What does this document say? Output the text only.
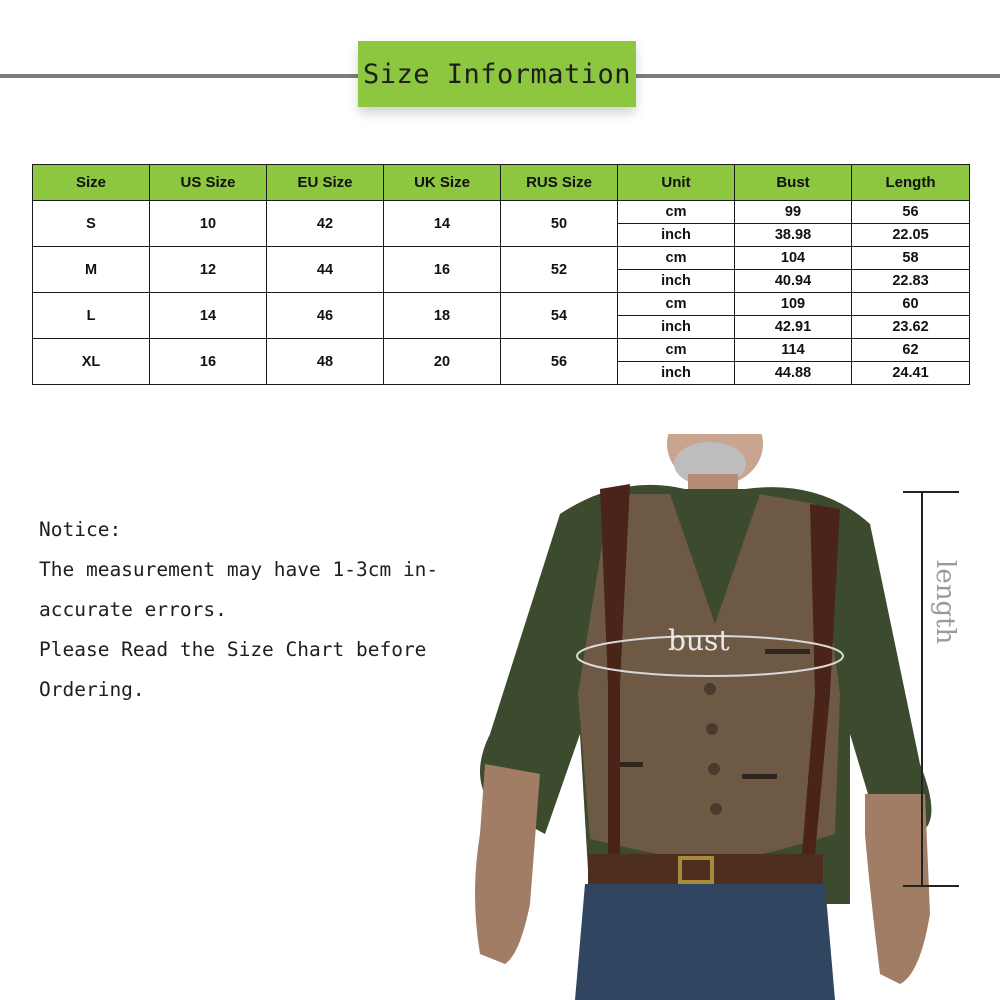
Size Information
Size	US Size	EU Size	UK Size	RUS Size	Unit	Bust	Length
S	10	42	14	50	cm	99	56
					inch	38.98	22.05
M	12	44	16	52	cm	104	58
					inch	40.94	22.83
L	14	46	18	54	cm	109	60
					inch	42.91	23.62
XL	16	48	20	56	cm	114	62
					inch	44.88	24.41
Notice:
The measurement may have 1-3cm in-
accurate errors.
Please Read the Size Chart before
Ordering.
bust	length
